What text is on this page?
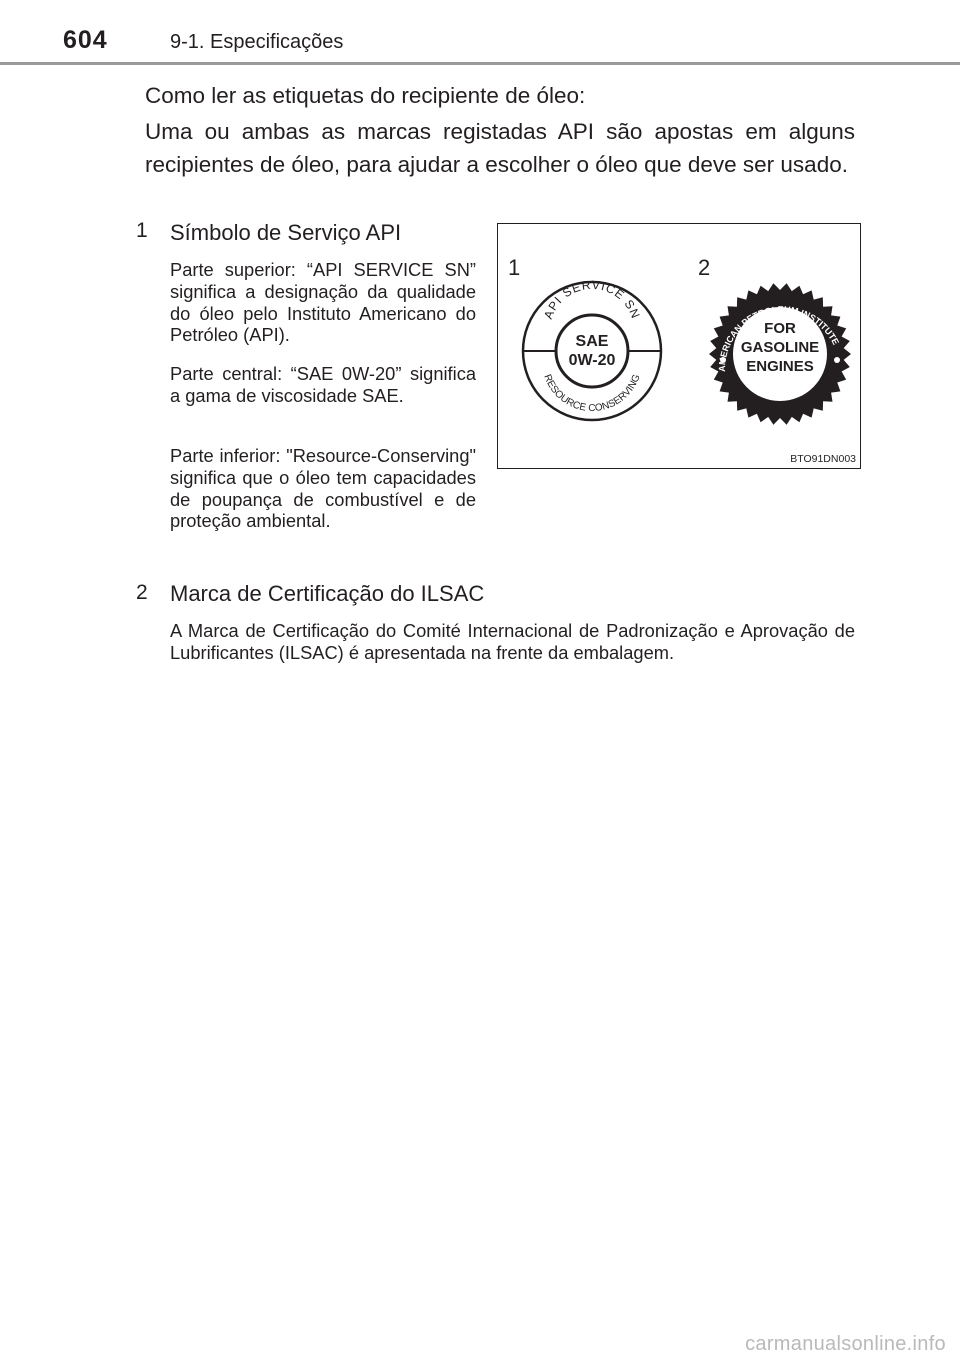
604	9-1. Especificações

Como ler as etiquetas do recipiente de óleo:

Uma ou ambas as marcas registadas API são apostas em alguns recipientes de óleo, para ajudar a escolher o óleo que deve ser usado.

1 Símbolo de Serviço API

Parte superior: “API SERVICE SN” significa a designação da qualidade do óleo pelo Instituto Americano do Petróleo (API).

Parte central: “SAE 0W-20” significa a gama de viscosidade SAE.

Parte inferior: "Resource-Conserving" significa que o óleo tem capacidades de poupança de combustível e de proteção ambiental.

2 Marca de Certificação do ILSAC

A Marca de Certificação do Comité Internacional de Padronização e Aprovação de Lubrificantes (ILSAC) é apresentada na frente da embalagem.

1	2
API SERVICE SN
RESOURCE CONSERVING
SAE
0W-20	AMERICAN PETROLEUM INSTITUTE
CERTIFIED
FOR
GASOLINE
ENGINES
BTO91DN003
carmanualsonline.info
